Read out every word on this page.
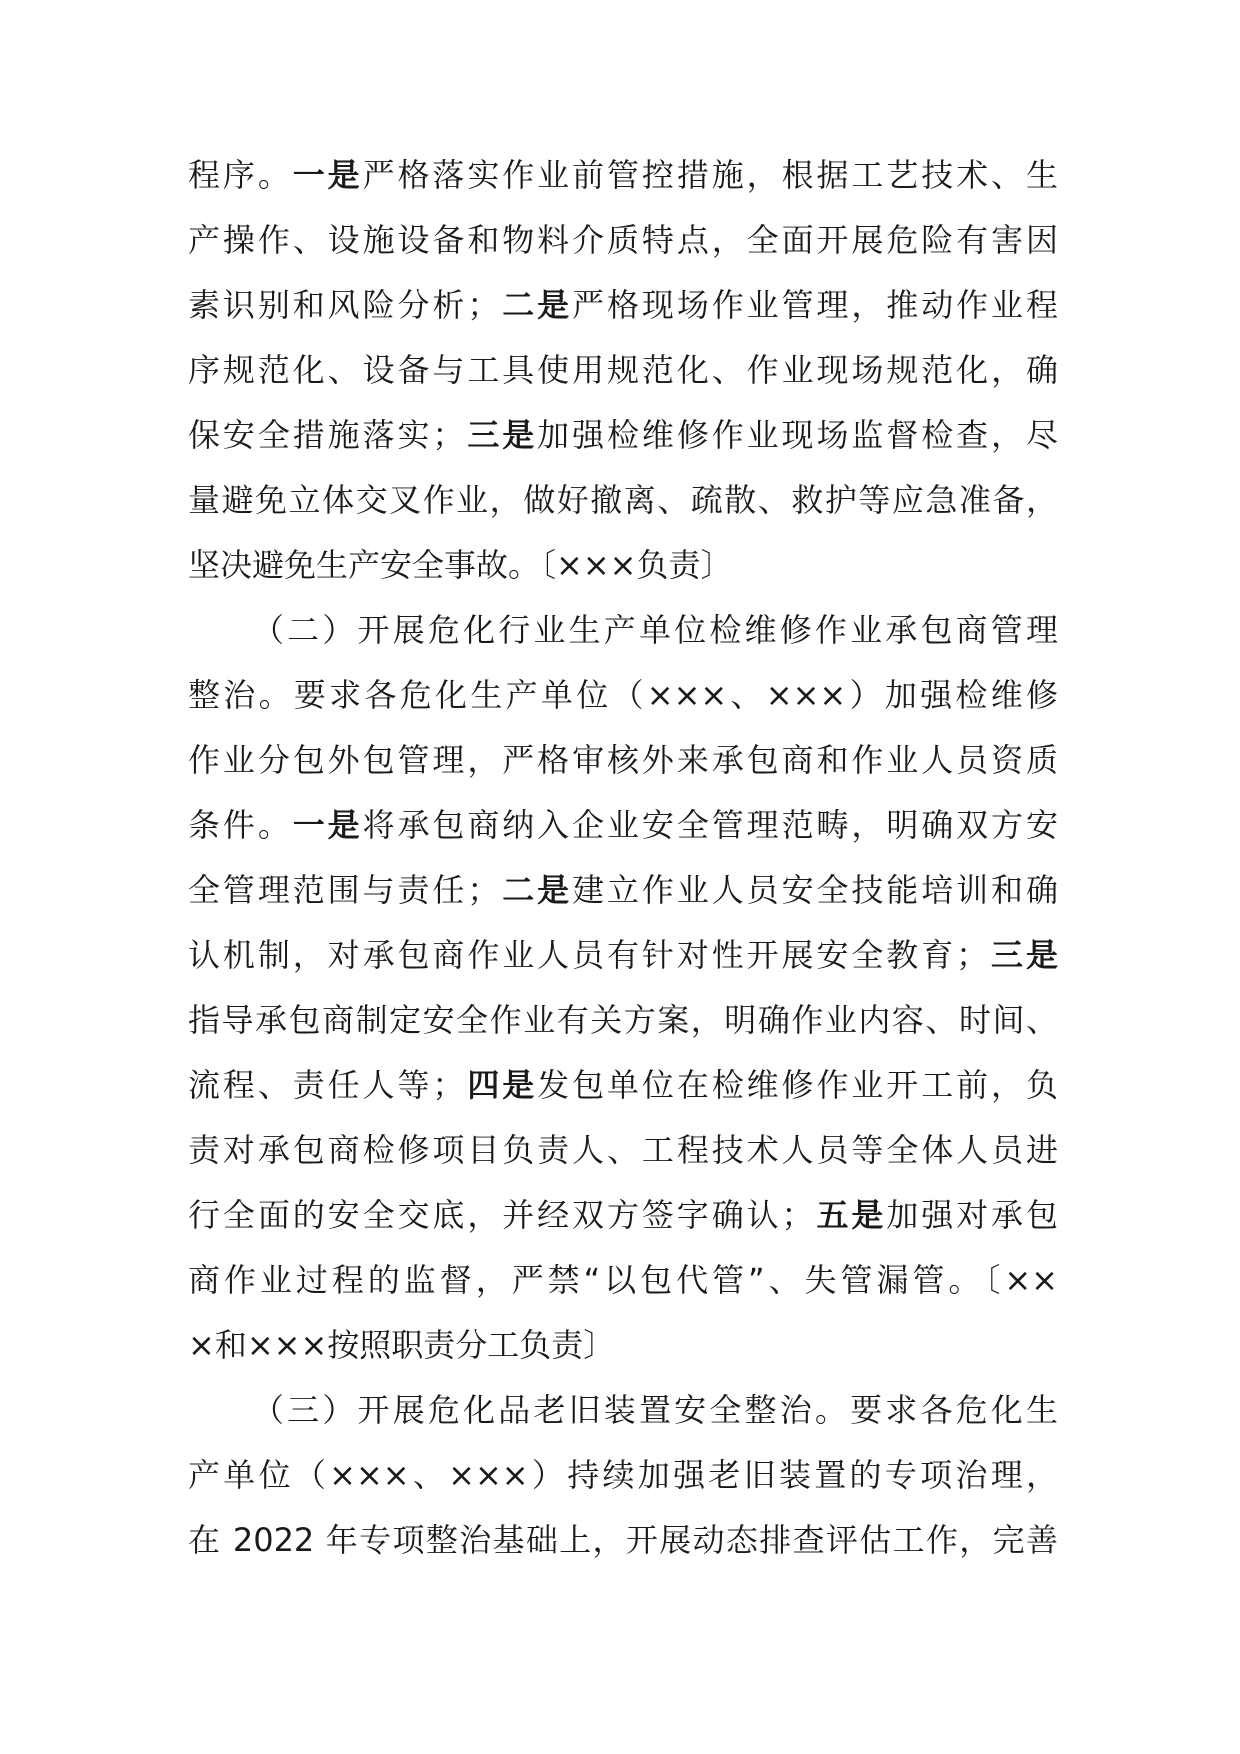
程序。一是严格落实作业前管控措施，根据工艺技术、生
产操作、设施设备和物料介质特点，全面开展危险有害因
素识别和风险分析；二是严格现场作业管理，推动作业程
序规范化、设备与工具使用规范化、作业现场规范化，确
保安全措施落实；三是加强检维修作业现场监督检查，尽
量避免立体交叉作业，做好撤离、疏散、救护等应急准备，
坚决避免生产安全事故。〔×××负责〕
（二）开展危化行业生产单位检维修作业承包商管理
整治。要求各危化生产单位（×××、×××）加强检维修
作业分包外包管理，严格审核外来承包商和作业人员资质
条件。一是将承包商纳入企业安全管理范畴，明确双方安
全管理范围与责任；二是建立作业人员安全技能培训和确
认机制，对承包商作业人员有针对性开展安全教育；三是
指导承包商制定安全作业有关方案，明确作业内容、时间、
流程、责任人等；四是发包单位在检维修作业开工前，负
责对承包商检修项目负责人、工程技术人员等全体人员进
行全面的安全交底，并经双方签字确认；五是加强对承包
商作业过程的监督，严禁“以包代管”、失管漏管。〔××
×和×××按照职责分工负责〕
（三）开展危化品老旧装置安全整治。要求各危化生
产单位（×××、×××）持续加强老旧装置的专项治理，
在 2022 年专项整治基础上，开展动态排查评估工作，完善
